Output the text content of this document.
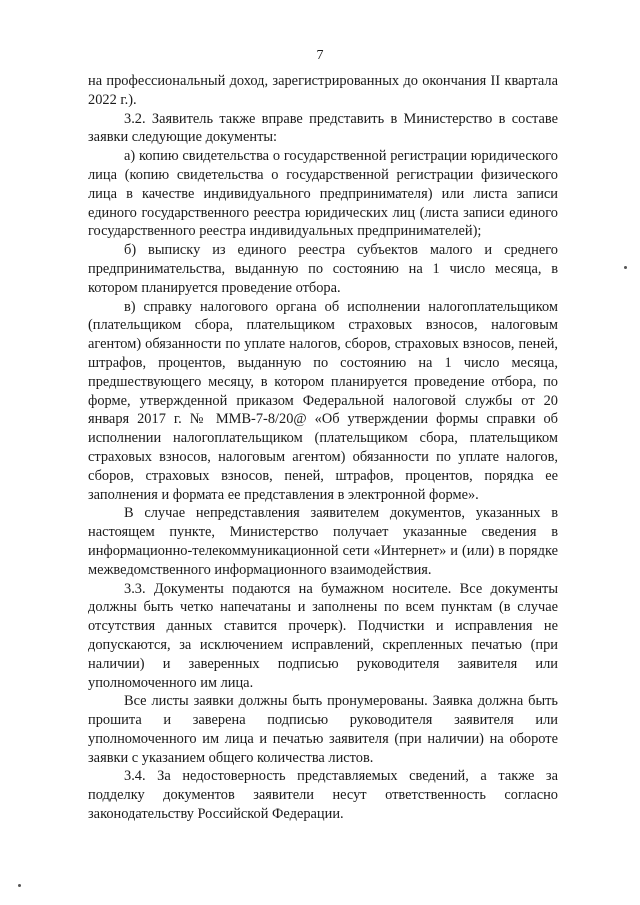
7

на профессиональный доход, зарегистрированных до окончания II квартала 2022 г.).

3.2. Заявитель также вправе представить в Министерство в составе заявки следующие документы:

а) копию свидетельства о государственной регистрации юридического лица (копию свидетельства о государственной регистрации физического лица в качестве индивидуального предпринимателя) или листа записи единого государственного реестра юридических лиц (листа записи единого государственного реестра индивидуальных предпринимателей);

б) выписку из единого реестра субъектов малого и среднего предпринимательства, выданную по состоянию на 1 число месяца, в котором планируется проведение отбора.

в) справку налогового органа об исполнении налогоплательщиком (плательщиком сбора, плательщиком страховых взносов, налоговым агентом) обязанности по уплате налогов, сборов, страховых взносов, пеней, штрафов, процентов, выданную по состоянию на 1 число месяца, предшествующего месяцу, в котором планируется проведение отбора, по форме, утвержденной приказом Федеральной налоговой службы от 20 января 2017 г. № ММВ-7-8/20@ «Об утверждении формы справки об исполнении налогоплательщиком (плательщиком сбора, плательщиком страховых взносов, налоговым агентом) обязанности по уплате налогов, сборов, страховых взносов, пеней, штрафов, процентов, порядка ее заполнения и формата ее представления в электронной форме».

В случае непредставления заявителем документов, указанных в настоящем пункте, Министерство получает указанные сведения в информационно-телекоммуникационной сети «Интернет» и (или) в порядке межведомственного информационного взаимодействия.

3.3. Документы подаются на бумажном носителе. Все документы должны быть четко напечатаны и заполнены по всем пунктам (в случае отсутствия данных ставится прочерк). Подчистки и исправления не допускаются, за исключением исправлений, скрепленных печатью (при наличии) и заверенных подписью руководителя заявителя или уполномоченного им лица.

Все листы заявки должны быть пронумерованы. Заявка должна быть прошита и заверена подписью руководителя заявителя или уполномоченного им лица и печатью заявителя (при наличии) на обороте заявки с указанием общего количества листов.

3.4. За недостоверность представляемых сведений, а также за подделку документов заявители несут ответственность согласно законодательству Российской Федерации.
